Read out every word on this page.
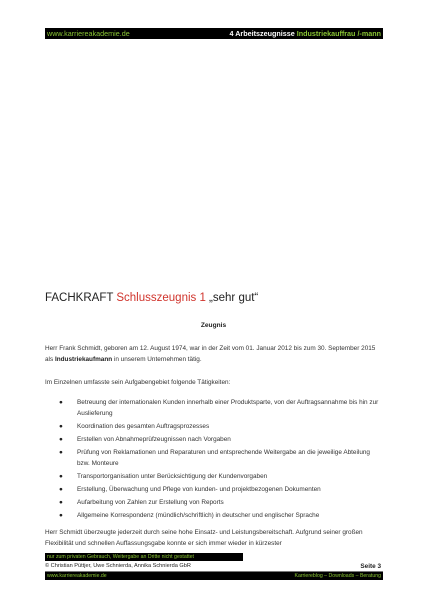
www.karriereakademie.de	4 Arbeitszeugnisse Industriekauffrau /-mann
FACHKRAFT Schlusszeugnis 1 „sehr gut“
Zeugnis
Herr Frank Schmidt, geboren am 12. August 1974, war in der Zeit vom 01. Januar 2012 bis zum 30. September 2015 als Industriekaufmann in unserem Unternehmen tätig.
Im Einzelnen umfasste sein Aufgabengebiet folgende Tätigkeiten:
● Betreuung der internationalen Kunden innerhalb einer Produktsparte, von der Auftragsannahme bis hin zur Auslieferung
● Koordination des gesamten Auftragsprozesses
● Erstellen von Abnahmeprüfzeugnissen nach Vorgaben
● Prüfung von Reklamationen und Reparaturen und entsprechende Weitergabe an die jeweilige Abteilung bzw. Monteure
● Transportorganisation unter Berücksichtigung der Kundenvorgaben
● Erstellung, Überwachung und Pflege von kunden- und projektbezogenen Dokumenten
● Aufarbeitung von Zahlen zur Erstellung von Reports
● Allgemeine Korrespondenz (mündlich/schriftlich) in deutscher und englischer Sprache
Herr Schmidt überzeugte jederzeit durch seine hohe Einsatz- und Leistungsbereitschaft. Aufgrund seiner großen Flexibilität und schnellen Auffassungsgabe konnte er sich immer wieder in kürzester
nur zum privaten Gebrauch, Weitergabe an Dritte nicht gestattet
© Christian Püttjer, Uwe Schnierda, Annika Schnierda GbR	Seite 3
www.karriereakademie.de	Karriereblog – Downloads – Beratung
